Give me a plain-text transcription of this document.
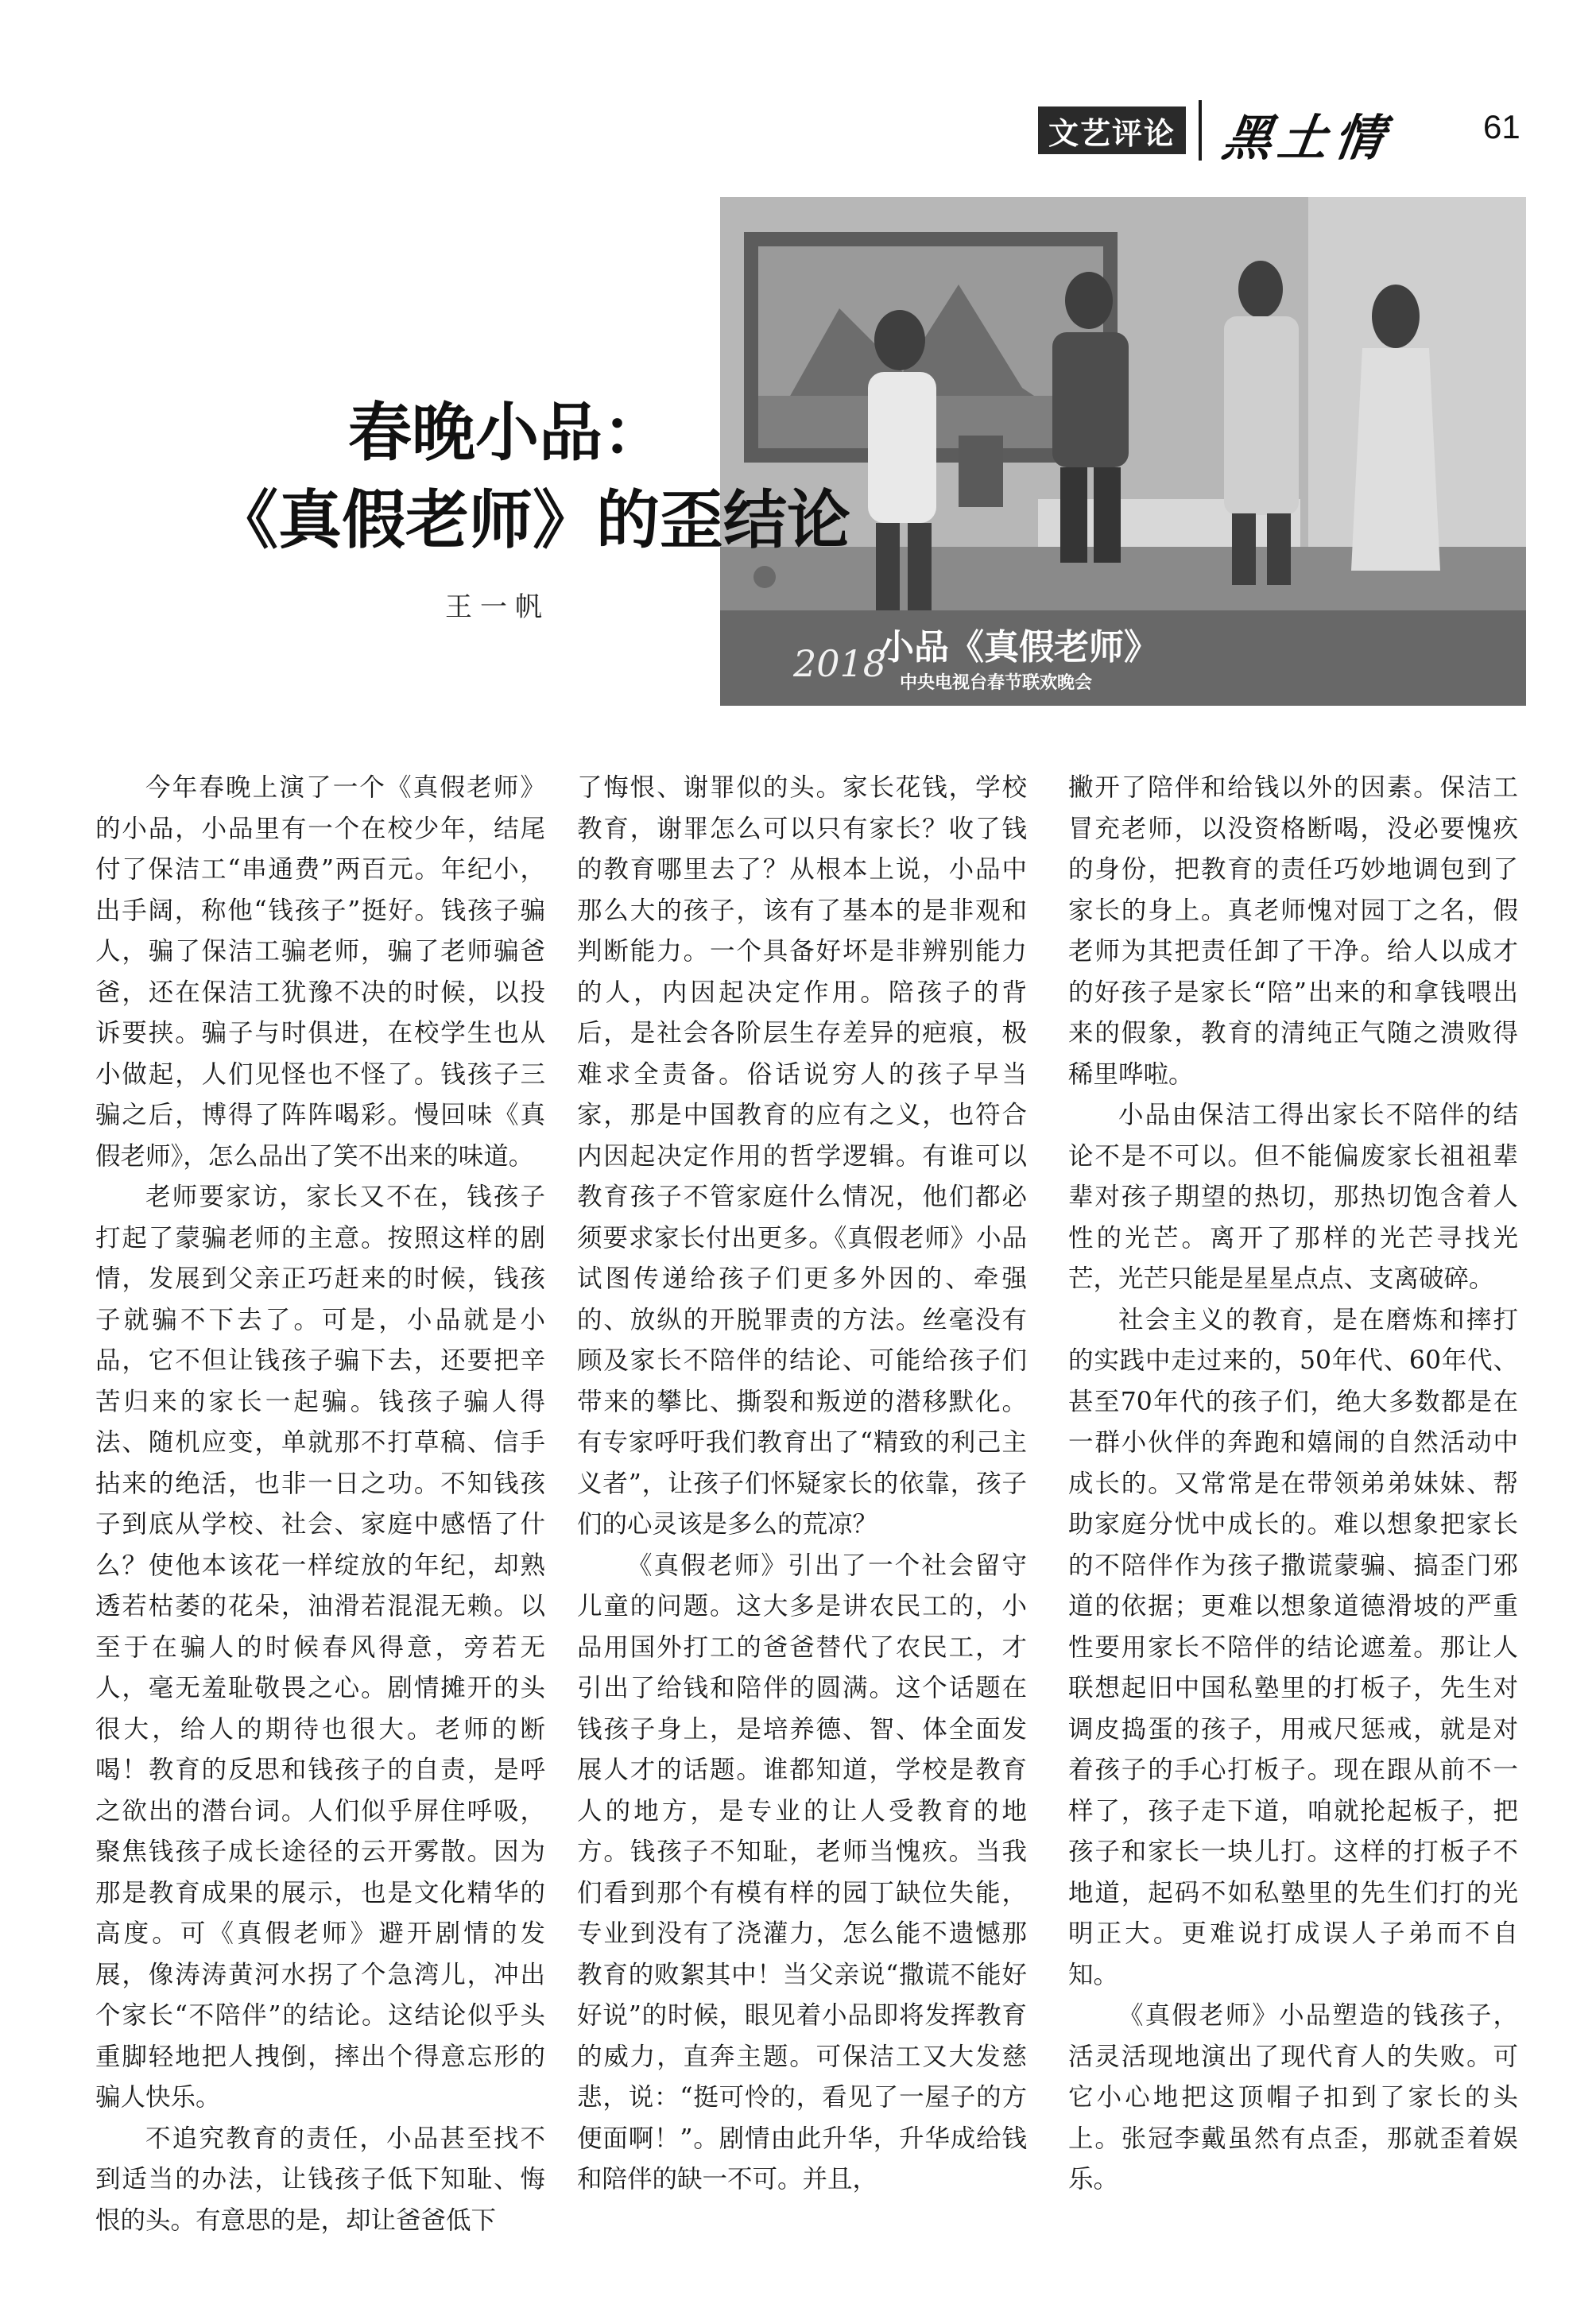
文艺评论 黑土情	61
2018
小品《真假老师》
中央电视台春节联欢晚会
春晚小品：
《真假老师》的歪结论
王一帆

今年春晚上演了一个《真假老师》的小品，小品里有一个在校少年，结尾付了保洁工“串通费”两百元。年纪小，出手阔，称他“钱孩子”挺好。钱孩子骗人，骗了保洁工骗老师，骗了老师骗爸爸，还在保洁工犹豫不决的时候，以投诉要挟。骗子与时俱进，在校学生也从小做起，人们见怪也不怪了。钱孩子三骗之后，博得了阵阵喝彩。慢回味《真假老师》，怎么品出了笑不出来的味道。

老师要家访，家长又不在，钱孩子打起了蒙骗老师的主意。按照这样的剧情，发展到父亲正巧赶来的时候，钱孩子就骗不下去了。可是，小品就是小品，它不但让钱孩子骗下去，还要把辛苦归来的家长一起骗。钱孩子骗人得法、随机应变，单就那不打草稿、信手拈来的绝活，也非一日之功。不知钱孩子到底从学校、社会、家庭中感悟了什么？使他本该花一样绽放的年纪，却熟透若枯萎的花朵，油滑若混混无赖。以至于在骗人的时候春风得意，旁若无人，毫无羞耻敬畏之心。剧情摊开的头很大，给人的期待也很大。老师的断喝！教育的反思和钱孩子的自责，是呼之欲出的潜台词。人们似乎屏住呼吸，聚焦钱孩子成长途径的云开雾散。因为那是教育成果的展示，也是文化精华的高度。可《真假老师》避开剧情的发展，像涛涛黄河水拐了个急湾儿，冲出个家长“不陪伴”的结论。这结论似乎头重脚轻地把人拽倒，摔出个得意忘形的骗人快乐。

不追究教育的责任，小品甚至找不到适当的办法，让钱孩子低下知耻、悔恨的头。有意思的是，却让爸爸低下

了悔恨、谢罪似的头。家长花钱，学校教育，谢罪怎么可以只有家长？收了钱的教育哪里去了？从根本上说，小品中那么大的孩子，该有了基本的是非观和判断能力。一个具备好坏是非辨别能力的人，内因起决定作用。陪孩子的背后，是社会各阶层生存差异的疤痕，极难求全责备。俗话说穷人的孩子早当家，那是中国教育的应有之义，也符合内因起决定作用的哲学逻辑。有谁可以教育孩子不管家庭什么情况，他们都必须要求家长付出更多。《真假老师》小品试图传递给孩子们更多外因的、牵强的、放纵的开脱罪责的方法。丝毫没有顾及家长不陪伴的结论、可能给孩子们带来的攀比、撕裂和叛逆的潜移默化。有专家呼吁我们教育出了“精致的利己主义者”，让孩子们怀疑家长的依靠，孩子们的心灵该是多么的荒凉？

《真假老师》引出了一个社会留守儿童的问题。这大多是讲农民工的，小品用国外打工的爸爸替代了农民工，才引出了给钱和陪伴的圆满。这个话题在钱孩子身上，是培养德、智、体全面发展人才的话题。谁都知道，学校是教育人的地方，是专业的让人受教育的地方。钱孩子不知耻，老师当愧疚。当我们看到那个有模有样的园丁缺位失能，专业到没有了浇灌力，怎么能不遗憾那教育的败絮其中！当父亲说“撒谎不能好好说”的时候，眼见着小品即将发挥教育的威力，直奔主题。可保洁工又大发慈悲，说：“挺可怜的，看见了一屋子的方便面啊！”。剧情由此升华，升华成给钱和陪伴的缺一不可。并且，

撇开了陪伴和给钱以外的因素。保洁工冒充老师，以没资格断喝，没必要愧疚的身份，把教育的责任巧妙地调包到了家长的身上。真老师愧对园丁之名，假老师为其把责任卸了干净。给人以成才的好孩子是家长“陪”出来的和拿钱喂出来的假象，教育的清纯正气随之溃败得稀里哗啦。

小品由保洁工得出家长不陪伴的结论不是不可以。但不能偏废家长祖祖辈辈对孩子期望的热切，那热切饱含着人性的光芒。离开了那样的光芒寻找光芒，光芒只能是星星点点、支离破碎。

社会主义的教育，是在磨炼和摔打的实践中走过来的，50年代、60年代、甚至70年代的孩子们，绝大多数都是在一群小伙伴的奔跑和嬉闹的自然活动中成长的。又常常是在带领弟弟妹妹、帮助家庭分忧中成长的。难以想象把家长的不陪伴作为孩子撒谎蒙骗、搞歪门邪道的依据；更难以想象道德滑坡的严重性要用家长不陪伴的结论遮羞。那让人联想起旧中国私塾里的打板子，先生对调皮捣蛋的孩子，用戒尺惩戒，就是对着孩子的手心打板子。现在跟从前不一样了，孩子走下道，咱就抡起板子，把孩子和家长一块儿打。这样的打板子不地道，起码不如私塾里的先生们打的光明正大。更难说打成误人子弟而不自知。

《真假老师》小品塑造的钱孩子，活灵活现地演出了现代育人的失败。可它小心地把这顶帽子扣到了家长的头上。张冠李戴虽然有点歪，那就歪着娱乐。
